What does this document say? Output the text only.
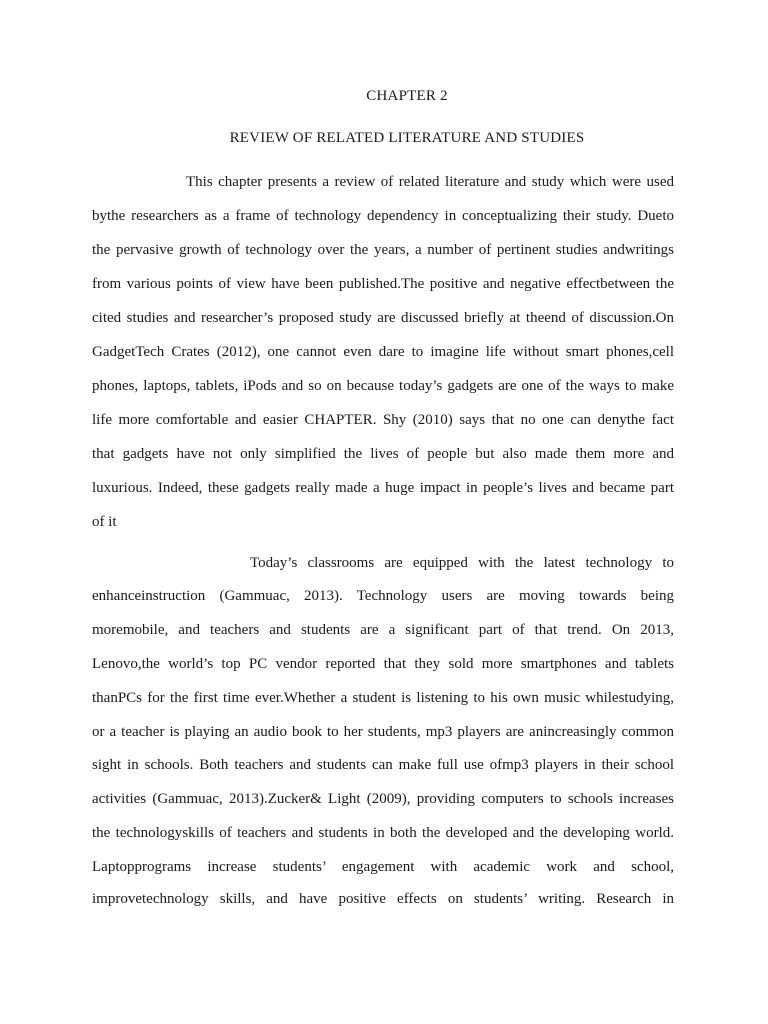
CHAPTER 2
REVIEW OF RELATED LITERATURE AND STUDIES
This chapter presents a review of related literature and study which were used
bythe researchers as a frame of technology dependency in conceptualizing their study. Dueto
the pervasive growth of technology over the years, a number of pertinent studies andwritings
from various points of view have been published.The positive and negative effectbetween the
cited studies and researcher’s proposed study are discussed briefly at theend of discussion.On
GadgetTech Crates (2012), one cannot even dare to imagine life without smart phones,cell
phones, laptops, tablets, iPods and so on because today’s gadgets are one of the ways to make
life more comfortable and easier CHAPTER. Shy (2010) says that no one can denythe fact
that gadgets have not only simplified the lives of people but also made them more and
luxurious. Indeed, these gadgets really made a huge impact in people’s lives and became part
of it
Today’s classrooms are equipped with the latest technology to
enhanceinstruction (Gammuac, 2013). Technology users are moving towards being
moremobile, and teachers and students are a significant part of that trend. On 2013,
Lenovo,the world’s top PC vendor reported that they sold more smartphones and tablets
thanPCs for the first time ever.Whether a student is listening to his own music whilestudying,
or a teacher is playing an audio book to her students, mp3 players are anincreasingly common
sight in schools. Both teachers and students can make full use ofmp3 players in their school
activities (Gammuac, 2013).Zucker& Light (2009), providing computers to schools increases
the technologyskills of teachers and students in both the developed and the developing world.
Laptopprograms increase students’ engagement with academic work and school,
improvetechnology skills, and have positive effects on students’ writing. Research in
